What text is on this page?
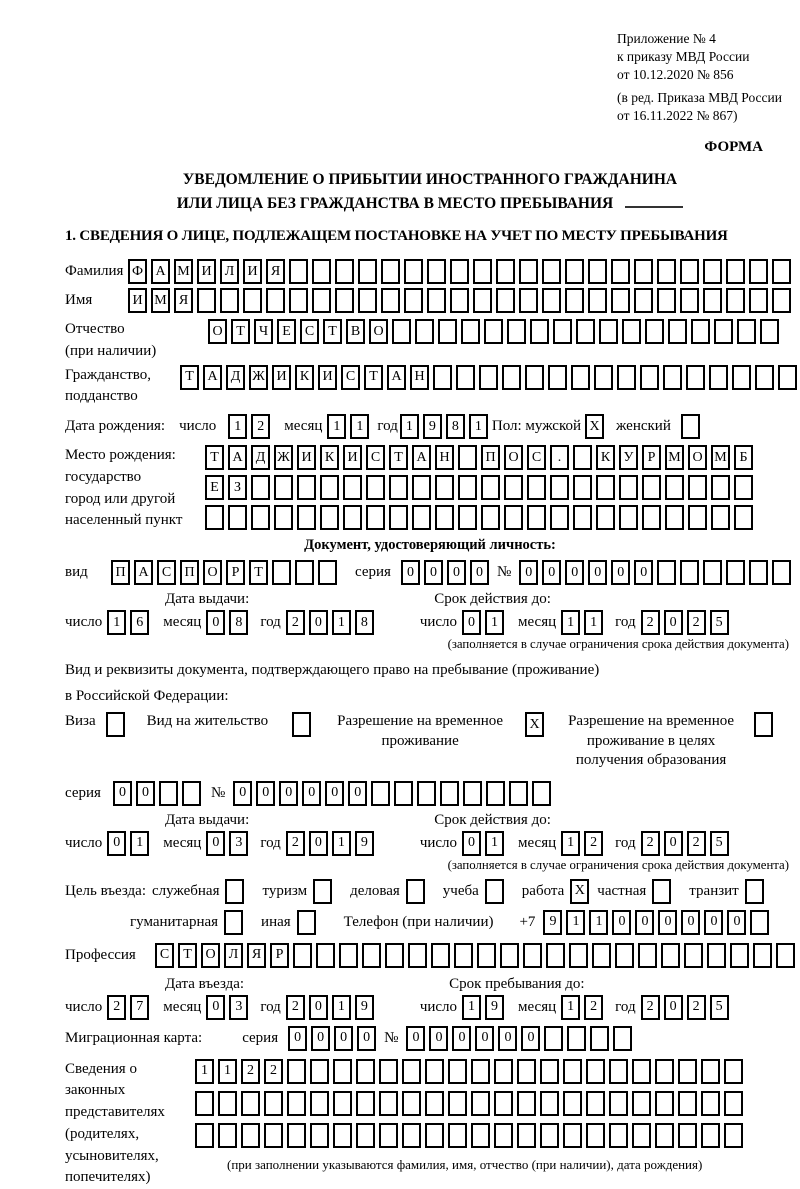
Приложение № 4
к приказу МВД России
от 10.12.2020 № 856
(в ред. Приказа МВД России
от 16.11.2022 № 867)
ФОРМА
УВЕДОМЛЕНИЕ О ПРИБЫТИИ ИНОСТРАННОГО ГРАЖДАНИНА
ИЛИ ЛИЦА БЕЗ ГРАЖДАНСТВА В МЕСТО ПРЕБЫВАНИЯ
1. СВЕДЕНИЯ О ЛИЦЕ, ПОДЛЕЖАЩЕМ ПОСТАНОВКЕ НА УЧЕТ ПО МЕСТУ ПРЕБЫВАНИЯ
Фамилия Ф А М И Л И Я
Имя	И М Я
Отчество
(при наличии)
О Т	Ч	Е	С	Т	В О
Гражданство,
подданство
Т А Д Ж И К И С	Т А Н
Дата рождения: число	1	2	месяц 1	1 год 1	9	8	1 Пол: мужской X женский
Место рождения:
государство
город или другой
населенный пункт
Т А Д Ж И К И С	Т А Н	П О С	.	К У	Р М О М Б
Е	З
Документ, удостоверяющий личность:
вид	П А С П О	Р	Т	серия	0	0	0	0 №	0	0	0	0	0	0
Дата выдачи:	Срок действия до:
число 1	6	месяц 0	8	год 2	0	1	8	число 0	1	месяц 1	1	год 2	0	2	5
(заполняется в случае ограничения срока действия документа)
Вид и реквизиты документа, подтверждающего право на пребывание (проживание)
в Российской Федерации:
Виза	Вид на жительство	Разрешение на временное
проживание
X Разрешение на временное
проживание в целях
получения образования
серия	0	0	№	0	0	0	0	0	0
Дата выдачи:	Срок действия до:
число 0	1	месяц 0	3	год 2	0	1	9	число 0	1	месяц 1	2	год 2	0	2	5
(заполняется в случае ограничения срока действия документа)
Цель въезда: служебная	туризм	деловая	учеба	работа X частная	транзит
гуманитарная	иная	Телефон (при наличии) +7	9	1	1	0	0	0	0	0	0
Профессия	С	Т О Л Я	Р
Дата въезда:	Срок пребывания до:
число 2	7	месяц 0	3	год 2	0	1	9	число 1	9	месяц 1	2	год 2	0	2	5
Миграционная карта:	серия	0	0	0	0 №	0	0	0	0	0	0
Сведения о
законных
представителях
(родителях,
усыновителях,
попечителях)
1	1	2	2
(при заполнении указываются фамилия, имя, отчество (при наличии), дата рождения)
